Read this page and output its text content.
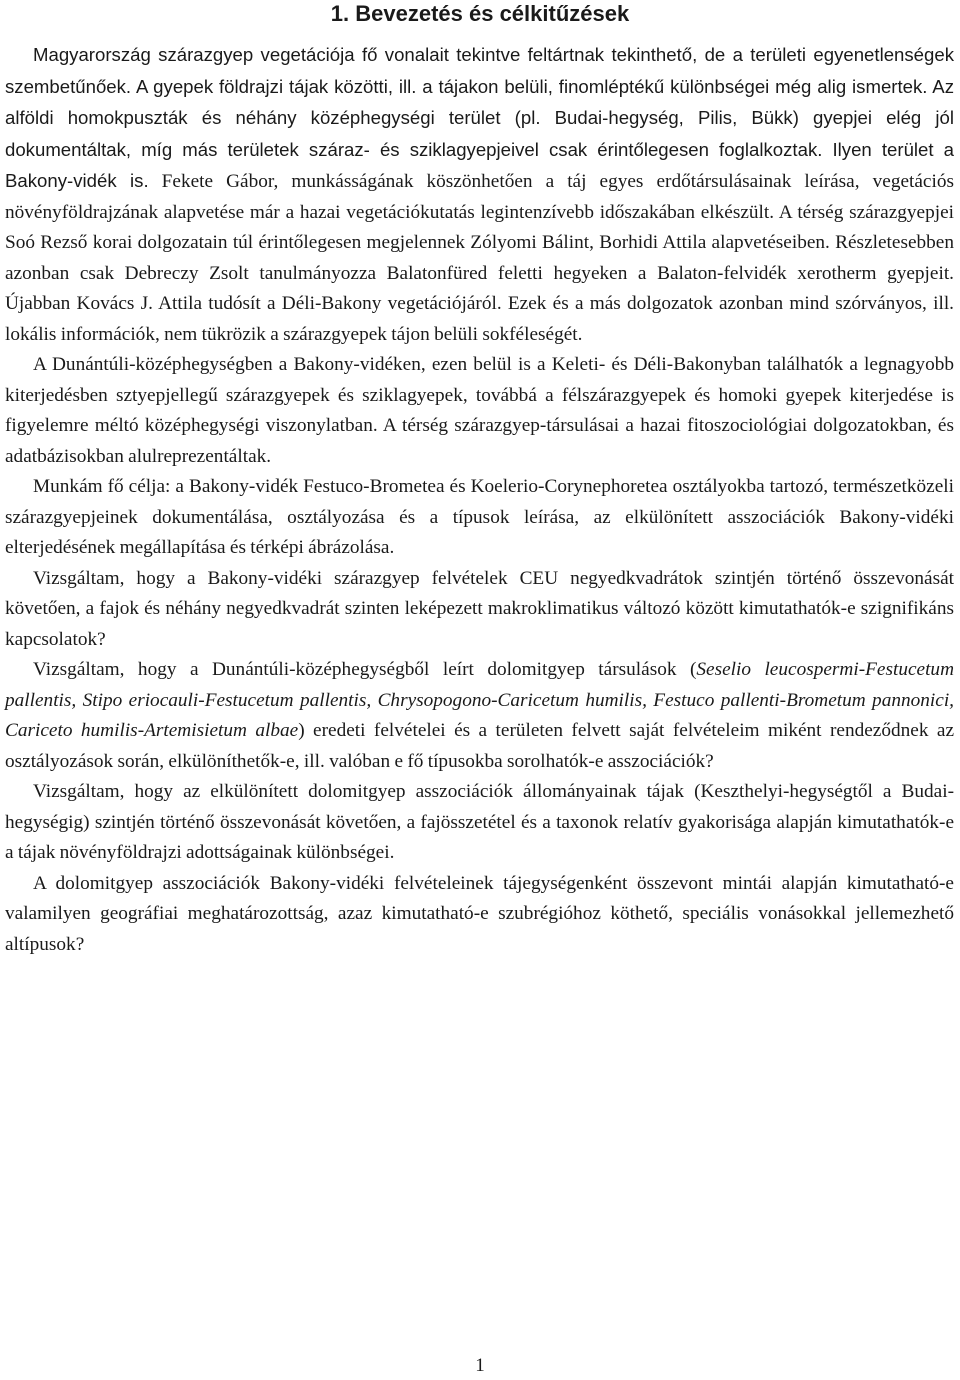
1. Bevezetés és célkitűzések

Magyarország szárazgyep vegetációja fő vonalait tekintve feltártnak tekinthető, de a területi egyenetlenségek szembetűnőek. A gyepek földrajzi tájak közötti, ill. a tájakon belüli, finomléptékű különbségei még alig ismertek. Az alföldi homokpuszták és néhány középhegységi terület (pl. Budai-hegység, Pilis, Bükk) gyepjei elég jól dokumentáltak, míg más területek száraz- és sziklagyepjeivel csak érintőlegesen foglalkoztak. Ilyen terület a Bakony-vidék is. Fekete Gábor, munkásságának köszönhetően a táj egyes erdőtársulásainak leírása, vegetációs növényföldrajzának alapvetése már a hazai vegetációkutatás legintenzívebb időszakában elkészült. A térség szárazgyepjei Soó Rezső korai dolgozatain túl érintőlegesen megjelennek Zólyomi Bálint, Borhidi Attila alapvetéseiben. Részletesebben azonban csak Debreczy Zsolt tanulmányozza Balatonfüred feletti hegyeken a Balaton-felvidék xerotherm gyepjeit. Újabban Kovács J. Attila tudósít a Déli-Bakony vegetációjáról. Ezek és a más dolgozatok azonban mind szórványos, ill. lokális információk, nem tükrözik a szárazgyepek tájon belüli sokféleségét.

A Dunántúli-középhegységben a Bakony-vidéken, ezen belül is a Keleti- és Déli-Bakonyban találhatók a legnagyobb kiterjedésben sztyepjellegű szárazgyepek és sziklagyepek, továbbá a félszárazgyepek és homoki gyepek kiterjedése is figyelemre méltó középhegységi viszonylatban. A térség szárazgyep-társulásai a hazai fitoszociológiai dolgozatokban, és adatbázisokban alulreprezentáltak.

Munkám fő célja: a Bakony-vidék Festuco-Brometea és Koelerio-Corynephoretea osztályokba tartozó, természetközeli szárazgyepjeinek dokumentálása, osztályozása és a típusok leírása, az elkülönített asszociációk Bakony-vidéki elterjedésének megállapítása és térképi ábrázolása.

Vizsgáltam, hogy a Bakony-vidéki szárazgyep felvételek CEU negyedkvadrátok szintjén történő összevonását követően, a fajok és néhány negyedkvadrát szinten leképezett makroklimatikus változó között kimutathatók-e szignifikáns kapcsolatok?

Vizsgáltam, hogy a Dunántúli-középhegységből leírt dolomitgyep társulások (Seselio leucospermi-Festucetum pallentis, Stipo eriocauli-Festucetum pallentis, Chrysopogono-Caricetum humilis, Festuco pallenti-Brometum pannonici, Cariceto humilis-Artemisietum albae) eredeti felvételei és a területen felvett saját felvételeim miként rendeződnek az osztályozások során, elkülöníthetők-e, ill. valóban e fő típusokba sorolhatók-e asszociációk?

Vizsgáltam, hogy az elkülönített dolomitgyep asszociációk állományainak tájak (Keszthelyi-hegységtől a Budai-hegységig) szintjén történő összevonását követően, a fajösszetétel és a taxonok relatív gyakorisága alapján kimutathatók-e a tájak növényföldrajzi adottságainak különbségei.

A dolomitgyep asszociációk Bakony-vidéki felvételeinek tájegységenként összevont mintái alapján kimutatható-e valamilyen geográfiai meghatározottság, azaz kimutatható-e szubrégióhoz köthető, speciális vonásokkal jellemezhető altípusok?

1
